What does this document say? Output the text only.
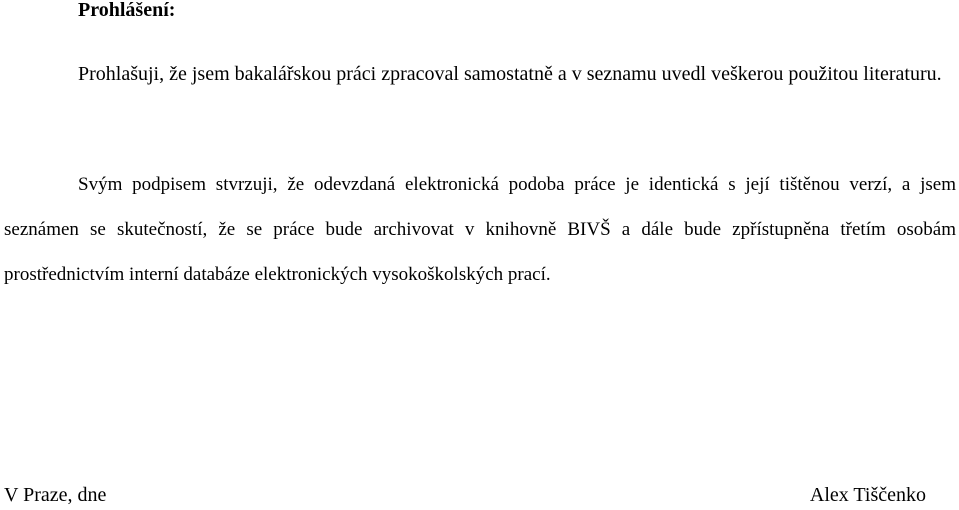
Prohlášení:

Prohlašuji, že jsem bakalářskou práci zpracoval samostatně a v seznamu uvedl veškerou použitou literaturu.

Svým podpisem stvrzuji, že odevzdaná elektronická podoba práce je identická s její tištěnou verzí, a jsem seznámen se skutečností, že se práce bude archivovat v knihovně BIVŠ a dále bude zpřístupněna třetím osobám prostřednictvím interní databáze elektronických vysokoškolských prací.

V Praze, dne	Alex Tiščenko
